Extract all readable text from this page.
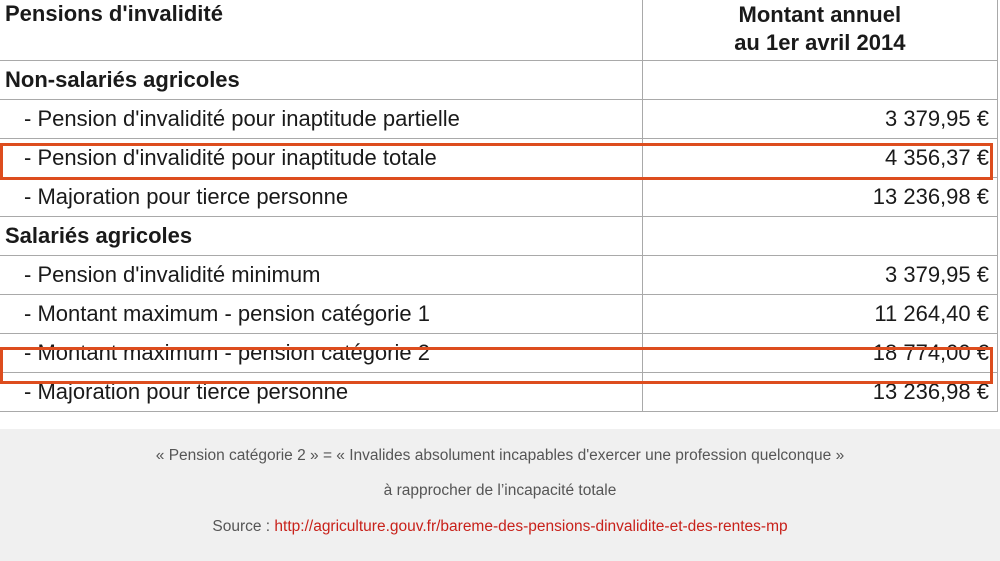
Pensions d'invalidité	Montant annuel
au 1er avril 2014
Non-salariés agricoles	
- Pension d'invalidité pour inaptitude partielle	3 379,95 €
- Pension d'invalidité pour inaptitude totale	4 356,37 €
- Majoration pour tierce personne	13 236,98 €
Salariés agricoles	
- Pension d'invalidité minimum	3 379,95 €
- Montant maximum - pension catégorie 1	11 264,40 €
- Montant maximum - pension catégorie 2	18 774,00 €
- Majoration pour tierce personne	13 236,98 €
« Pension catégorie 2 » = « Invalides absolument incapables d'exercer une profession quelconque »
à rapprocher de l’incapacité totale
Source : http://agriculture.gouv.fr/bareme-des-pensions-dinvalidite-et-des-rentes-mp
